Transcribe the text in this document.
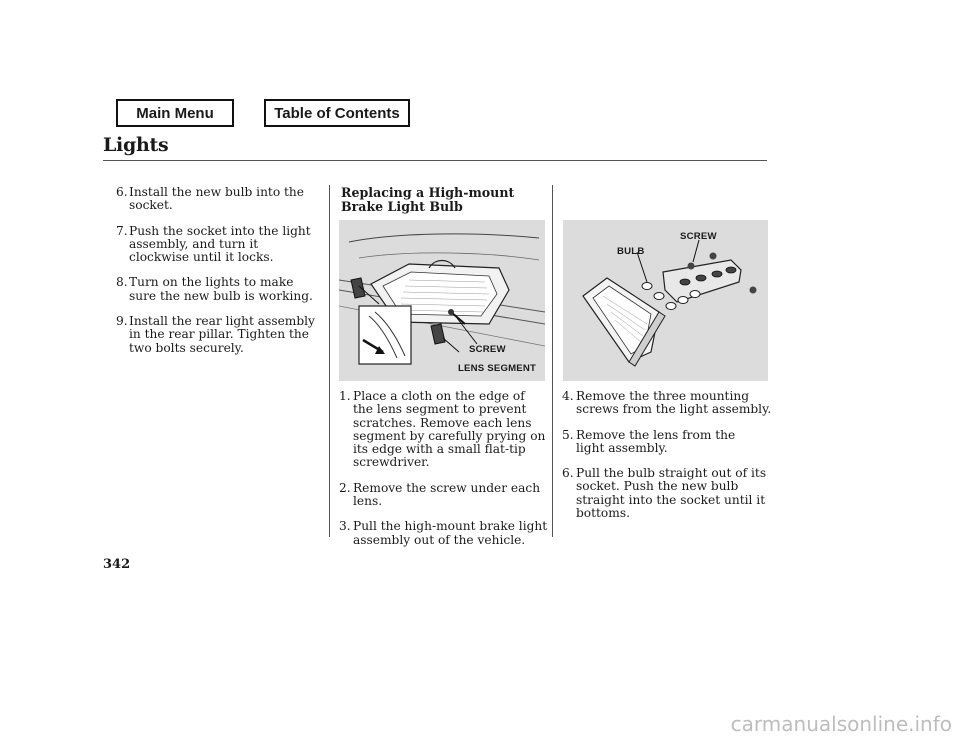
Main Menu	Table of Contents
Lights
6. Install the new bulb into the socket.
7. Push the socket into the light assembly, and turn it clockwise until it locks.
8. Turn on the lights to make sure the new bulb is working.
9. Install the rear light assembly in the rear pillar. Tighten the two bolts securely.
Replacing a High-mount Brake Light Bulb
SCREW
LENS SEGMENT
BULB
SCREW
1. Place a cloth on the edge of the lens segment to prevent scratches. Remove each lens segment by carefully prying on its edge with a small flat-tip screwdriver.
2. Remove the screw under each lens.
3. Pull the high-mount brake light assembly out of the vehicle.
4. Remove the three mounting screws from the light assembly.
5. Remove the lens from the light assembly.
6. Pull the bulb straight out of its socket. Push the new bulb straight into the socket until it bottoms.
342
carmanualsonline.info
